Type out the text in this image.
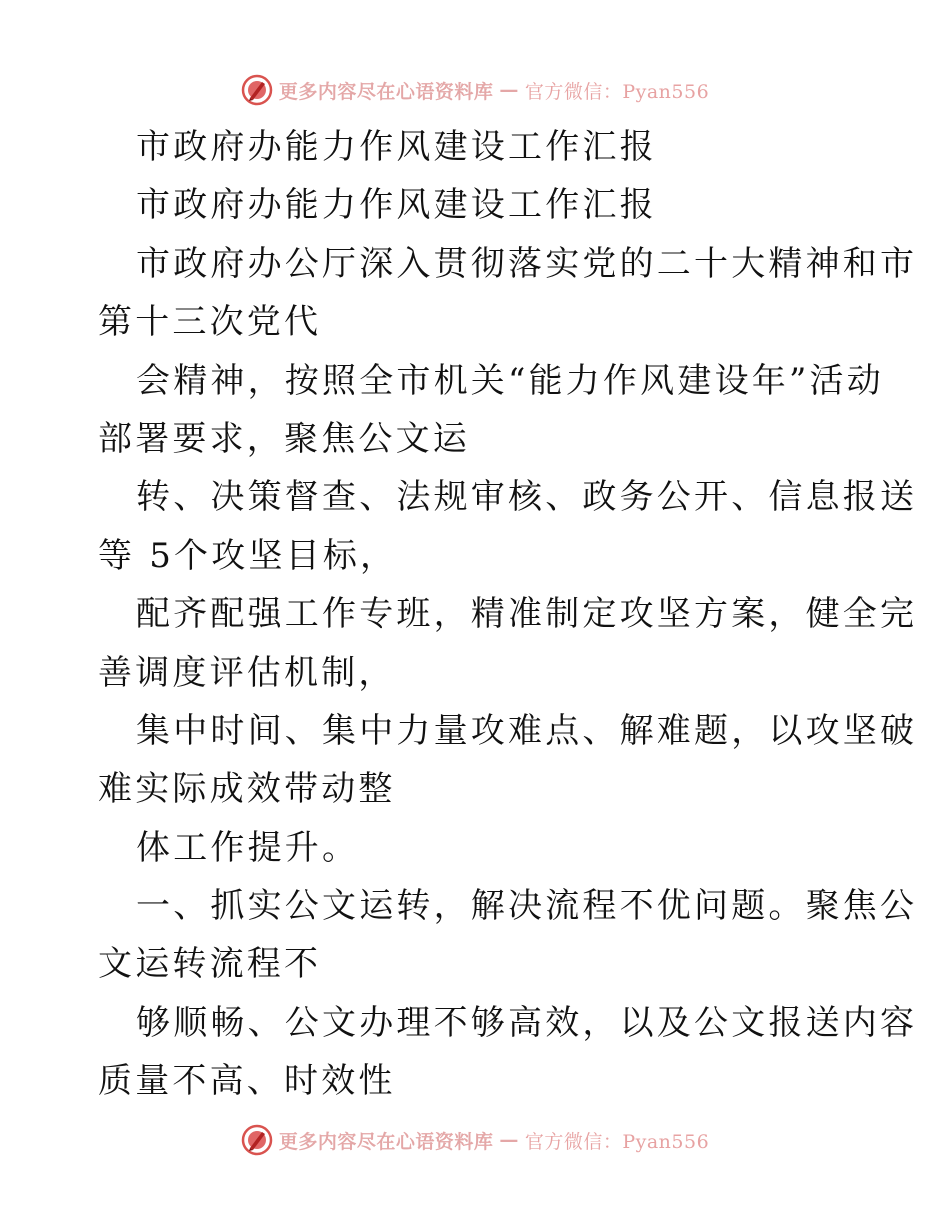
更多内容尽在心语资料库 — 官方微信：Pyan556
市政府办能力作风建设工作汇报
市政府办能力作风建设工作汇报
市政府办公厅深入贯彻落实党的二十大精神和市
第十三次党代
会精神，按照全市机关“能力作风建设年”活动
部署要求，聚焦公文运
转、决策督查、法规审核、政务公开、信息报送
等 5个攻坚目标，
配齐配强工作专班，精准制定攻坚方案，健全完
善调度评估机制，
集中时间、集中力量攻难点、解难题，以攻坚破
难实际成效带动整
体工作提升。
一、抓实公文运转，解决流程不优问题。聚焦公
文运转流程不
够顺畅、公文办理不够高效，以及公文报送内容
质量不高、时效性
更多内容尽在心语资料库 — 官方微信：Pyan556
